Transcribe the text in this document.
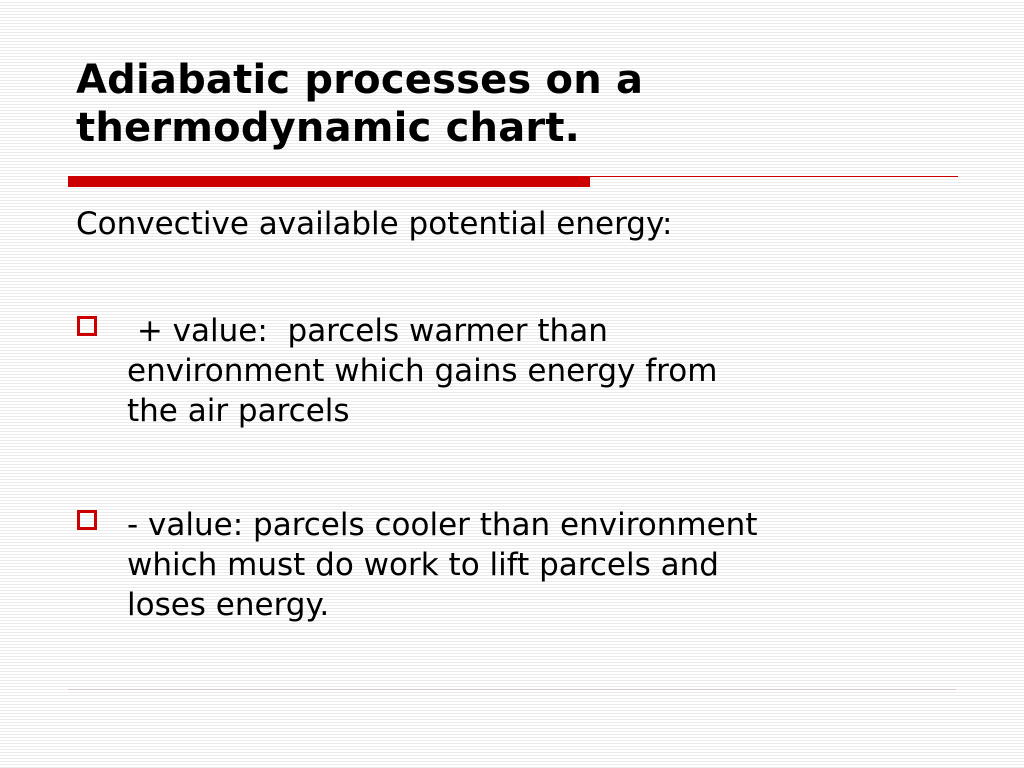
Adiabatic processes on a
thermodynamic chart.

Convective available potential energy:

+ value:  parcels warmer than
environment which gains energy from
the air parcels
- value: parcels cooler than environment
which must do work to lift parcels and
loses energy.
